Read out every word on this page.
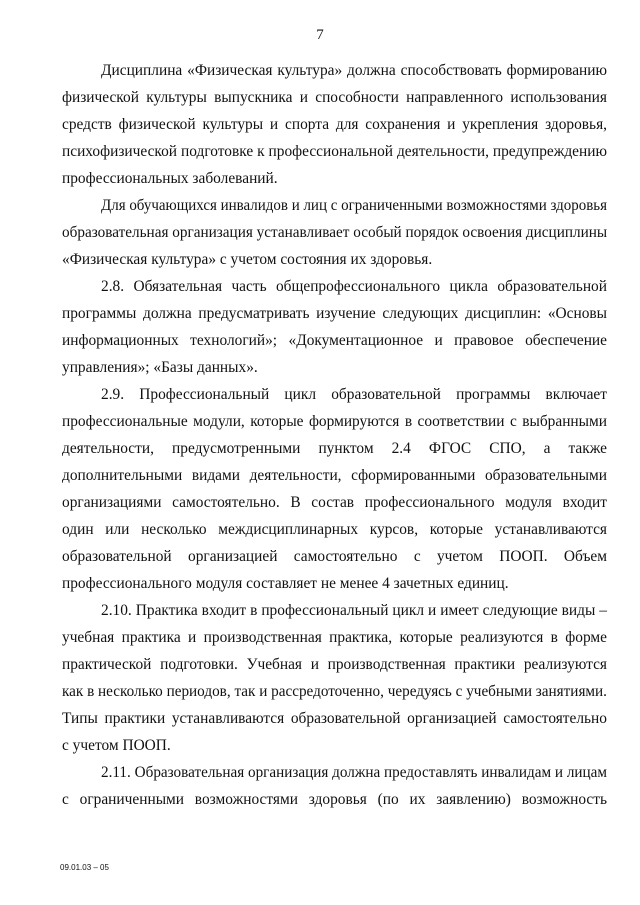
7
Дисциплина «Физическая культура» должна способствовать формированию
физической культуры выпускника и способности направленного использования
средств физической культуры и спорта для сохранения и укрепления здоровья,
психофизической подготовке к профессиональной деятельности, предупреждению
профессиональных заболеваний.
Для обучающихся инвалидов и лиц с ограниченными возможностями здоровья
образовательная организация устанавливает особый порядок освоения дисциплины
«Физическая культура» с учетом состояния их здоровья.
2.8. Обязательная часть общепрофессионального цикла образовательной
программы должна предусматривать изучение следующих дисциплин: «Основы
информационных технологий»; «Документационное и правовое обеспечение
управления»; «Базы данных».
2.9. Профессиональный цикл образовательной программы включает
профессиональные модули, которые формируются в соответствии с выбранными
деятельности, предусмотренными пунктом 2.4 ФГОС СПО, а также
дополнительными видами деятельности, сформированными образовательными
организациями самостоятельно. В состав профессионального модуля входит
один или несколько междисциплинарных курсов, которые устанавливаются
образовательной организацией самостоятельно с учетом ПООП. Объем
профессионального модуля составляет не менее 4 зачетных единиц.
2.10. Практика входит в профессиональный цикл и имеет следующие виды –
учебная практика и производственная практика, которые реализуются в форме
практической подготовки. Учебная и производственная практики реализуются
как в несколько периодов, так и рассредоточенно, чередуясь с учебными занятиями.
Типы практики устанавливаются образовательной организацией самостоятельно
с учетом ПООП.
2.11. Образовательная организация должна предоставлять инвалидам и лицам
с ограниченными возможностями здоровья (по их заявлению) возможность
09.01.03 – 05
